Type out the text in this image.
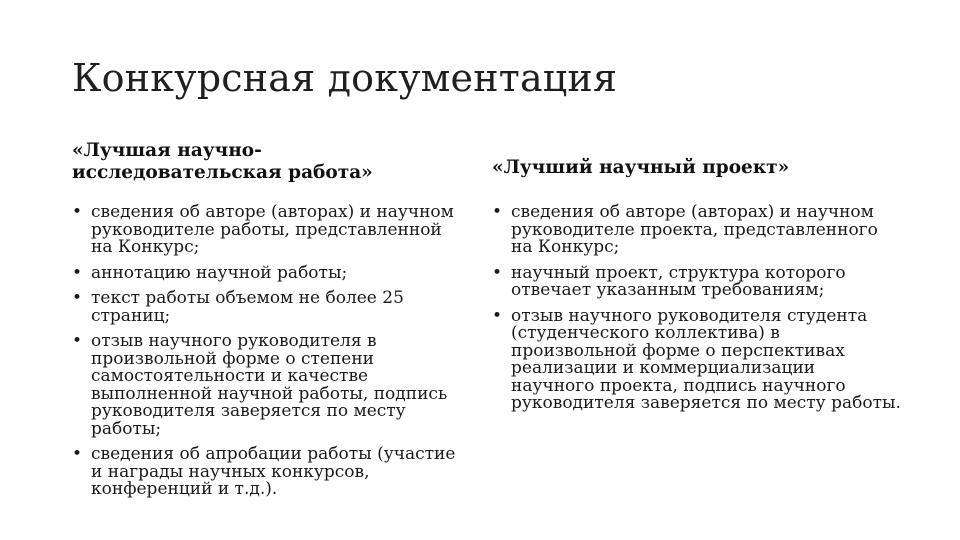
Конкурсная документация
«Лучшая научно-
исследовательская работа»
• сведения об авторе (авторах) и научном руководителе работы, представленной на Конкурс;
• аннотацию научной работы;
• текст работы объемом не более 25 страниц;
• отзыв научного руководителя в произвольной форме о степени самостоятельности и качестве выполненной научной работы, подпись руководителя заверяется по месту работы;
• сведения об апробации работы (участие и награды научных конкурсов, конференций и т.д.).
«Лучший научный проект»
• сведения об авторе (авторах) и научном руководителе проекта, представленного на Конкурс;
• научный проект, структура которого отвечает указанным требованиям;
• отзыв научного руководителя студента (студенческого коллектива) в произвольной форме о перспективах реализации и коммерциализации научного проекта, подпись научного руководителя заверяется по месту работы.
